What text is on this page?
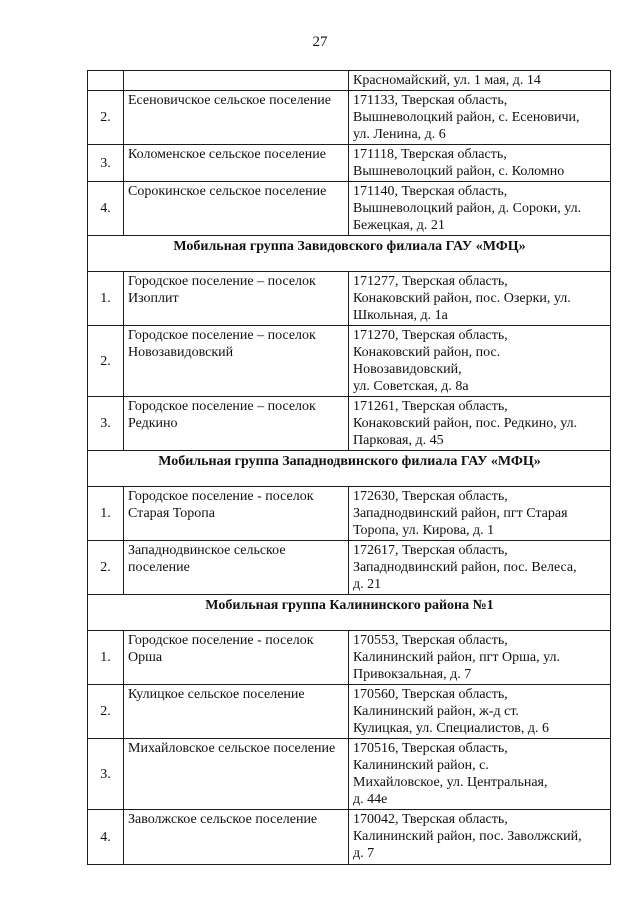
27
		Красномайский, ул. 1 мая, д. 14
2.	Есеновичское сельское поселение	171133, Тверская область,
Вышневолоцкий район, с. Есеновичи,
ул. Ленина, д. 6
3.	Коломенское сельское поселение	171118, Тверская область,
Вышневолоцкий район, с. Коломно
4.	Сорокинское сельское поселение	171140, Тверская область,
Вышневолоцкий район, д. Сороки, ул.
Бежецкая, д. 21
Мобильная группа Завидовского филиала ГАУ «МФЦ»		
1.	Городское поселение – поселок Изоплит	171277, Тверская область,
Конаковский район, пос. Озерки, ул.
Школьная, д. 1а
2.	Городское поселение – поселок Новозавидовский	171270, Тверская область,
Конаковский район, пос.
Новозавидовский,
ул. Советская, д. 8а
3.	Городское поселение – поселок Редкино	171261, Тверская область,
Конаковский район, пос. Редкино, ул.
Парковая, д. 45
Мобильная группа Западнодвинского филиала ГАУ «МФЦ»		
1.	Городское поселение - поселок Старая Торопа	172630, Тверская область,
Западнодвинский район, пгт Старая
Торопа, ул. Кирова, д. 1
2.	Западнодвинское сельское поселение	172617, Тверская область,
Западнодвинский район, пос. Велеса,
д. 21
Мобильная группа Калининского района №1		
1.	Городское поселение - поселок Орша	170553, Тверская область,
Калининский район, пгт Орша, ул.
Привокзальная, д. 7
2.	Кулицкое сельское поселение	170560, Тверская область,
Калининский район, ж-д ст.
Кулицкая, ул. Специалистов, д. 6
3.	Михайловское сельское поселение	170516, Тверская область,
Калининский район, с.
Михайловское, ул. Центральная,
д. 44е
4.	Заволжское сельское поселение	170042, Тверская область,
Калининский район, пос. Заволжский,
д. 7
